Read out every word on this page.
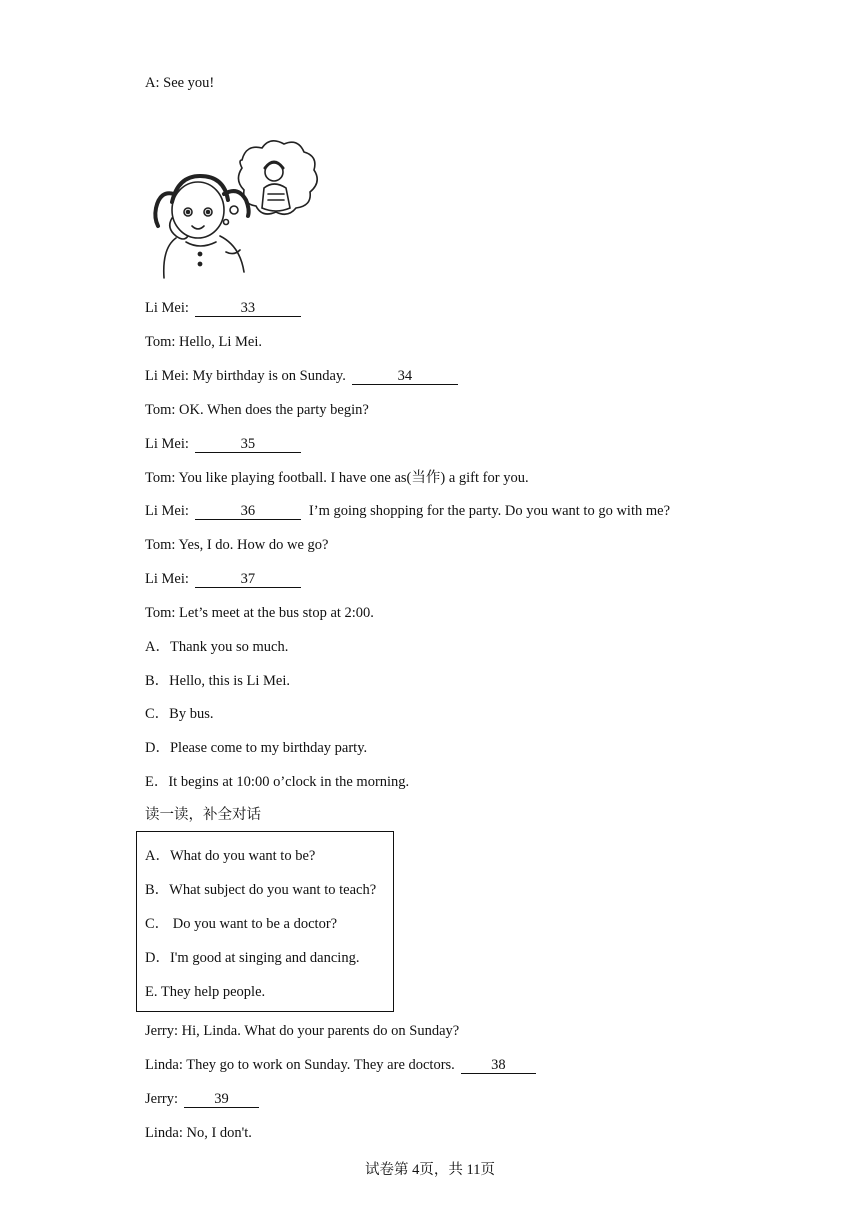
A: See you!
Li Mei:	33
Tom: Hello, Li Mei.
Li Mei: My birthday is on Sunday.	34
Tom: OK. When does the party begin?
Li Mei:	35
Tom: You like playing football. I have one as(当作) a gift for you.
Li Mei:	36	I’m going shopping for the party. Do you want to go with me?
Tom: Yes, I do. How do we go?
Li Mei:	37
Tom: Let’s meet at the bus stop at 2:00.
A．Thank you so much.
B．Hello, this is Li Mei.
C．By bus.
D．Please come to my birthday party.
E．It begins at 10:00 o’clock in the morning.
读一读，补全对话
A．What do you want to be?
B．What subject do you want to teach?
C． Do you want to be a doctor?
D．I'm good at singing and dancing.
E. They help people.
Jerry: Hi, Linda. What do your parents do on Sunday?
Linda: They go to work on Sunday. They are doctors.	38
Jerry:	39
Linda: No, I don't.
试卷第 4页，共 11页
